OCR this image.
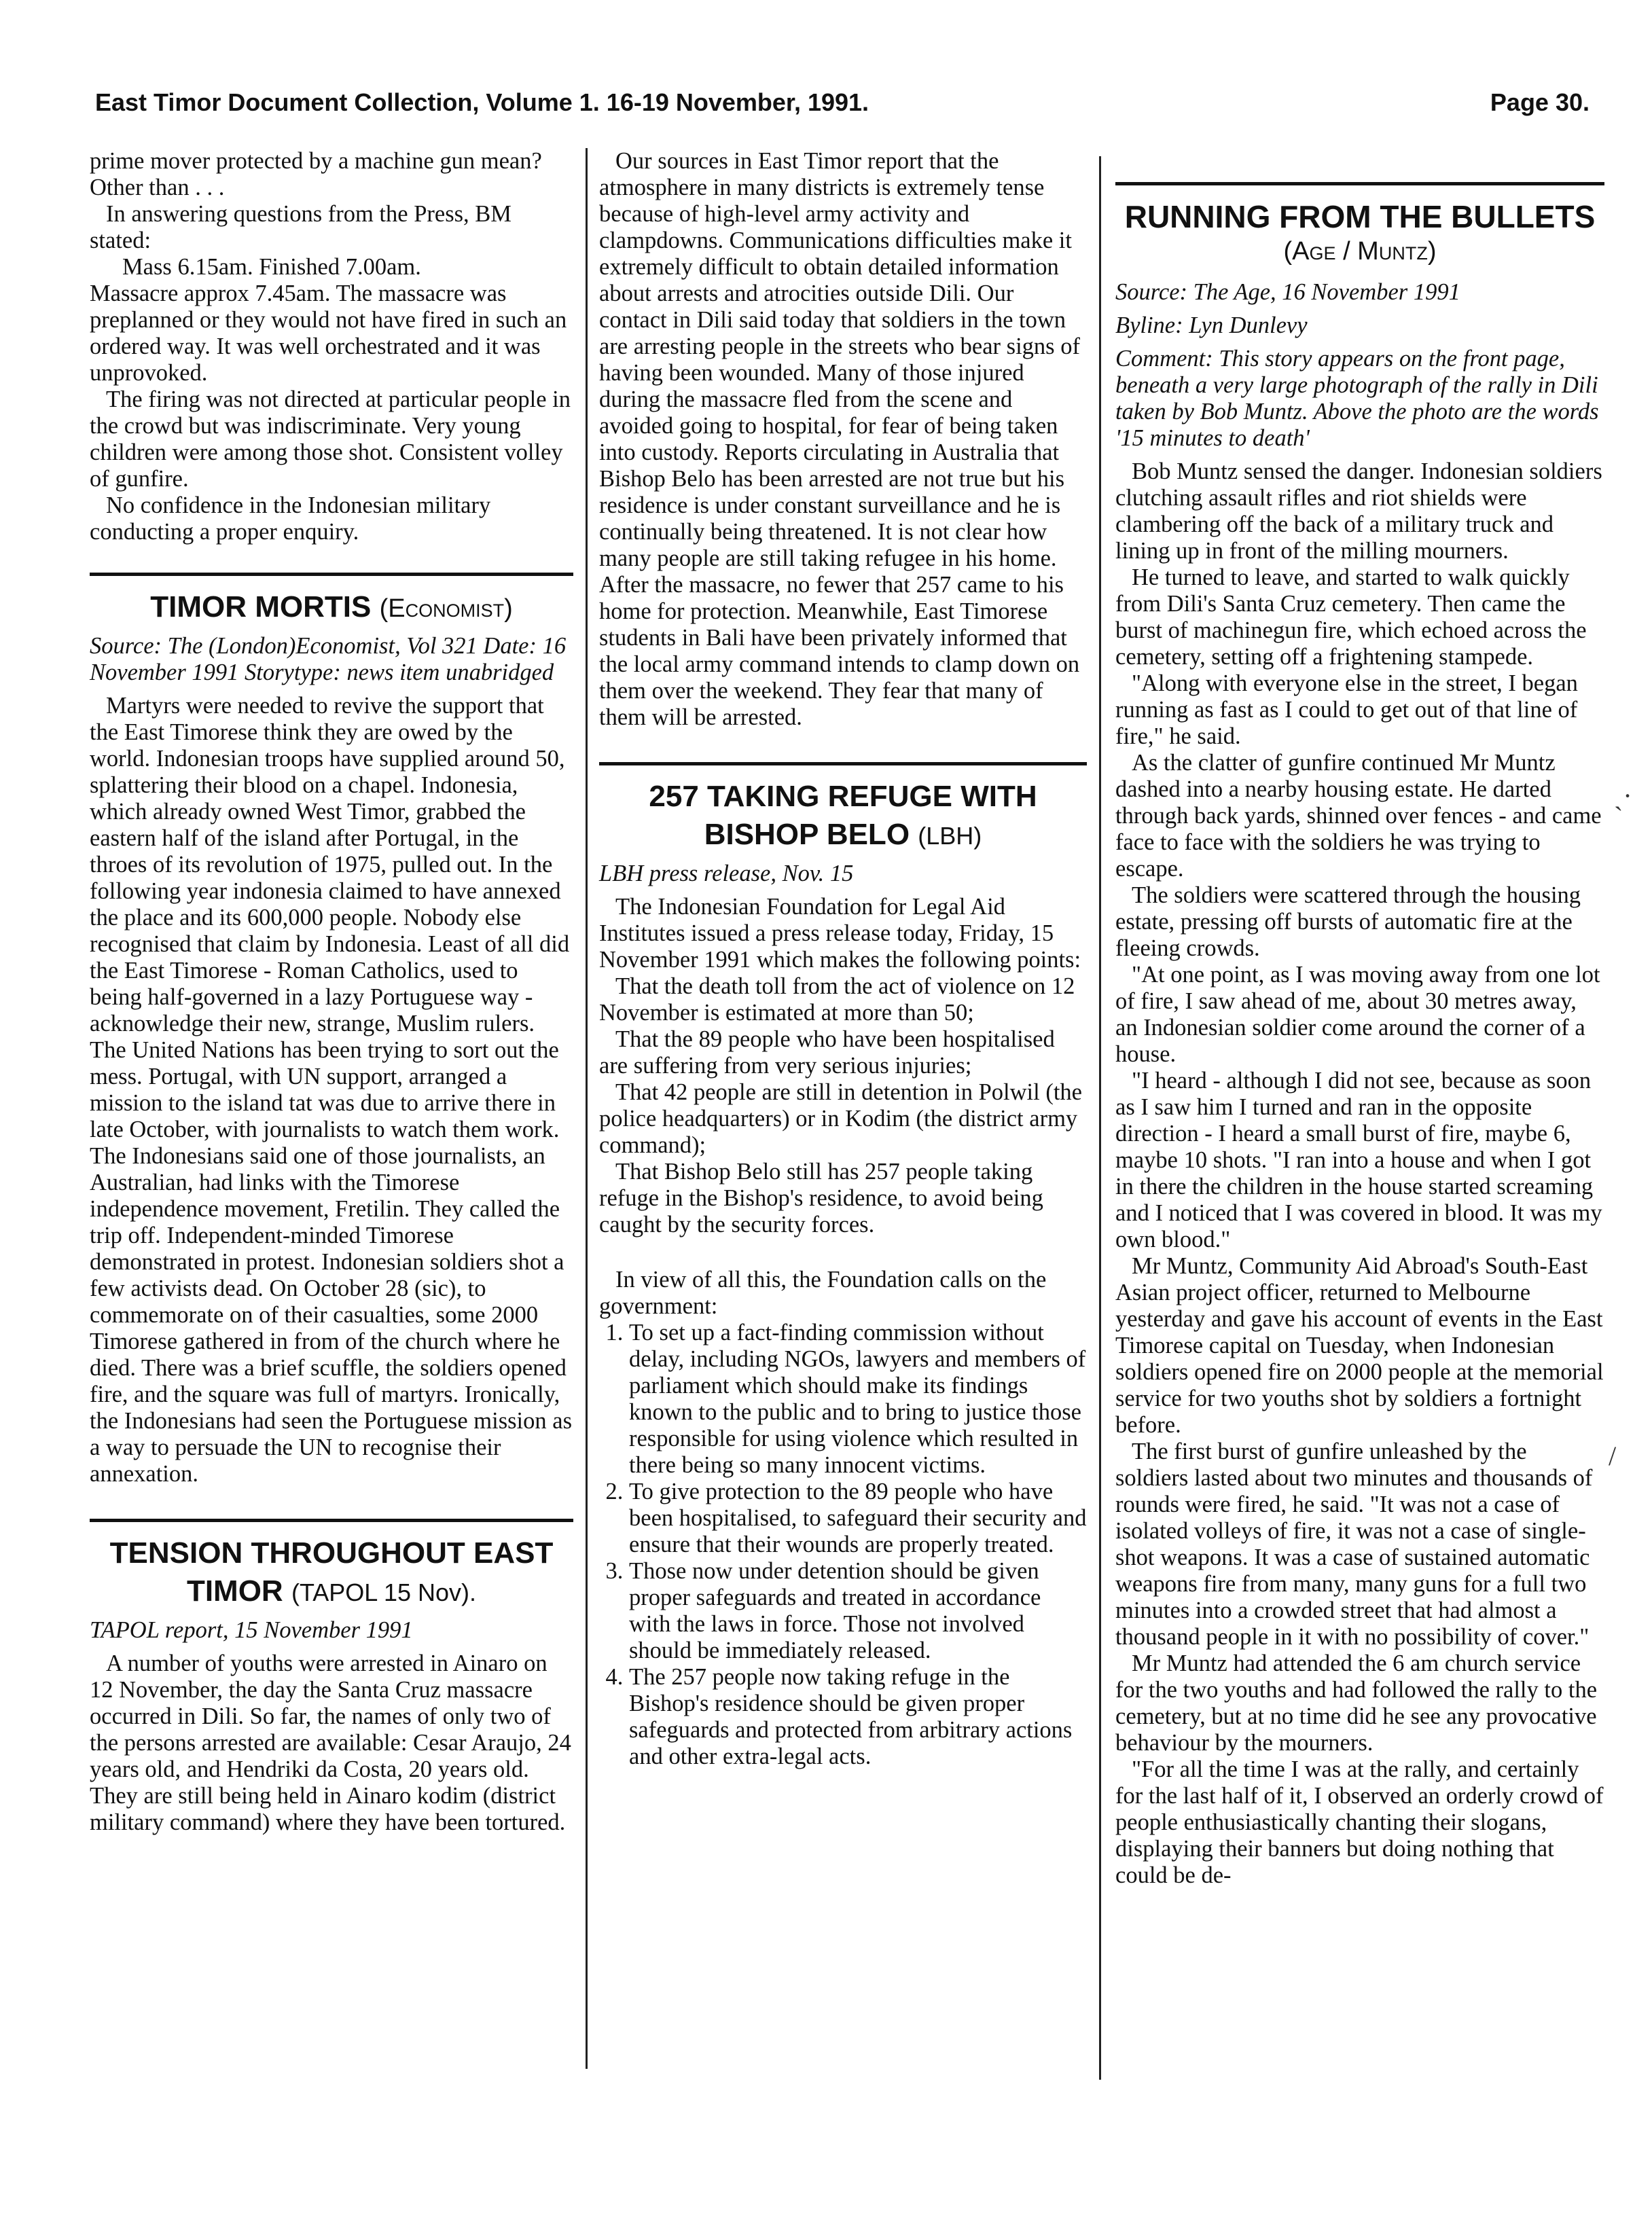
East Timor Document Collection, Volume 1. 16-19 November, 1991.	Page 30.

prime mover protected by a machine gun mean? Other than . . .

In answering questions from the Press, BM stated:

Mass 6.15am. Finished 7.00am.

Massacre approx 7.45am. The massacre was preplanned or they would not have fired in such an ordered way. It was well orchestrated and it was unprovoked.

The firing was not directed at particular people in the crowd but was indiscriminate. Very young children were among those shot. Consistent volley of gunfire.

No confidence in the Indonesian military conducting a proper enquiry.

TIMOR MORTIS (Economist)
Source: The (London)Economist, Vol 321 Date: 16 November 1991 Storytype: news item unabridged

Martyrs were needed to revive the support that the East Timorese think they are owed by the world. Indonesian troops have supplied around 50, splattering their blood on a chapel. Indonesia, which already owned West Timor, grabbed the eastern half of the island after Portugal, in the throes of its revolution of 1975, pulled out. In the following year indonesia claimed to have annexed the place and its 600,000 people. Nobody else recognised that claim by Indonesia. Least of all did the East Timorese - Roman Catholics, used to being half-governed in a lazy Portuguese way - acknowledge their new, strange, Muslim rulers. The United Nations has been trying to sort out the mess. Portugal, with UN support, arranged a mission to the island tat was due to arrive there in late October, with journalists to watch them work. The Indonesians said one of those journalists, an Australian, had links with the Timorese independence movement, Fretilin. They called the trip off. Independent-minded Timorese demonstrated in protest. Indonesian soldiers shot a few activists dead. On October 28 (sic), to commemorate on of their casualties, some 2000 Timorese gathered in from of the church where he died. There was a brief scuffle, the soldiers opened fire, and the square was full of martyrs. Ironically, the Indonesians had seen the Portuguese mission as a way to persuade the UN to recognise their annexation.

TENSION THROUGHOUT EAST
TIMOR (TAPOL 15 Nov).
TAPOL report, 15 November 1991

A number of youths were arrested in Ainaro on 12 November, the day the Santa Cruz massacre occurred in Dili. So far, the names of only two of the persons arrested are available: Cesar Araujo, 24 years old, and Hendriki da Costa, 20 years old. They are still being held in Ainaro kodim (district military command) where they have been tortured.

Our sources in East Timor report that the atmosphere in many districts is extremely tense because of high-level army activity and clampdowns. Communications difficulties make it extremely difficult to obtain detailed information about arrests and atrocities outside Dili. Our contact in Dili said today that soldiers in the town are arresting people in the streets who bear signs of having been wounded. Many of those injured during the massacre fled from the scene and avoided going to hospital, for fear of being taken into custody. Reports circulating in Australia that Bishop Belo has been arrested are not true but his residence is under constant surveillance and he is continually being threatened. It is not clear how many people are still taking refugee in his home. After the massacre, no fewer that 257 came to his home for protection. Meanwhile, East Timorese students in Bali have been privately informed that the local army command intends to clamp down on them over the weekend. They fear that many of them will be arrested.

257 TAKING REFUGE WITH
BISHOP BELO (LBH)
LBH press release, Nov. 15

The Indonesian Foundation for Legal Aid Institutes issued a press release today, Friday, 15 November 1991 which makes the following points:

That the death toll from the act of violence on 12 November is estimated at more than 50;

That the 89 people who have been hospitalised are suffering from very serious injuries;

That 42 people are still in detention in Polwil (the police headquarters) or in Kodim (the district army command);

That Bishop Belo still has 257 people taking refuge in the Bishop's residence, to avoid being caught by the security forces.

In view of all this, the Foundation calls on the government:

1. To set up a fact-finding commission without delay, including NGOs, lawyers and members of parliament which should make its findings known to the public and to bring to justice those responsible for using violence which resulted in there being so many innocent victims.
2. To give protection to the 89 people who have been hospitalised, to safeguard their security and ensure that their wounds are properly treated.
3. Those now under detention should be given proper safeguards and treated in accordance with the laws in force. Those not involved should be immediately released.
4. The 257 people now taking refuge in the Bishop's residence should be given proper safeguards and protected from arbitrary actions and other extra-legal acts.
RUNNING FROM THE BULLETS
(Age / Muntz)
Source: The Age, 16 November 1991
Byline: Lyn Dunlevy
Comment: This story appears on the front page, beneath a very large photograph of the rally in Dili taken by Bob Muntz. Above the photo are the words '15 minutes to death'

Bob Muntz sensed the danger. Indonesian soldiers clutching assault rifles and riot shields were clambering off the back of a military truck and lining up in front of the milling mourners.

He turned to leave, and started to walk quickly from Dili's Santa Cruz cemetery. Then came the burst of machinegun fire, which echoed across the cemetery, setting off a frightening stampede.

"Along with everyone else in the street, I began running as fast as I could to get out of that line of fire," he said.

As the clatter of gunfire continued Mr Muntz dashed into a nearby housing estate. He darted through back yards, shinned over fences - and came face to face with the soldiers he was trying to escape.

The soldiers were scattered through the housing estate, pressing off bursts of automatic fire at the fleeing crowds.

"At one point, as I was moving away from one lot of fire, I saw ahead of me, about 30 metres away, an Indonesian soldier come around the corner of a house.

"I heard - although I did not see, because as soon as I saw him I turned and ran in the opposite direction - I heard a small burst of fire, maybe 6, maybe 10 shots. "I ran into a house and when I got in there the children in the house started screaming and I noticed that I was covered in blood. It was my own blood."

Mr Muntz, Community Aid Abroad's South-East Asian project officer, returned to Melbourne yesterday and gave his account of events in the East Timorese capital on Tuesday, when Indonesian soldiers opened fire on 2000 people at the memorial service for two youths shot by soldiers a fortnight before.

The first burst of gunfire unleashed by the soldiers lasted about two minutes and thousands of rounds were fired, he said. "It was not a case of isolated volleys of fire, it was not a case of single-shot weapons. It was a case of sustained automatic weapons fire from many, many guns for a full two minutes into a crowded street that had almost a thousand people in it with no possibility of cover."

Mr Muntz had attended the 6 am church service for the two youths and had followed the rally to the cemetery, but at no time did he see any provocative behaviour by the mourners.

"For all the time I was at the rally, and certainly for the last half of it, I observed an orderly crowd of people enthusiastically chanting their slogans, displaying their banners but doing nothing that could be de-

ˏ·
/
